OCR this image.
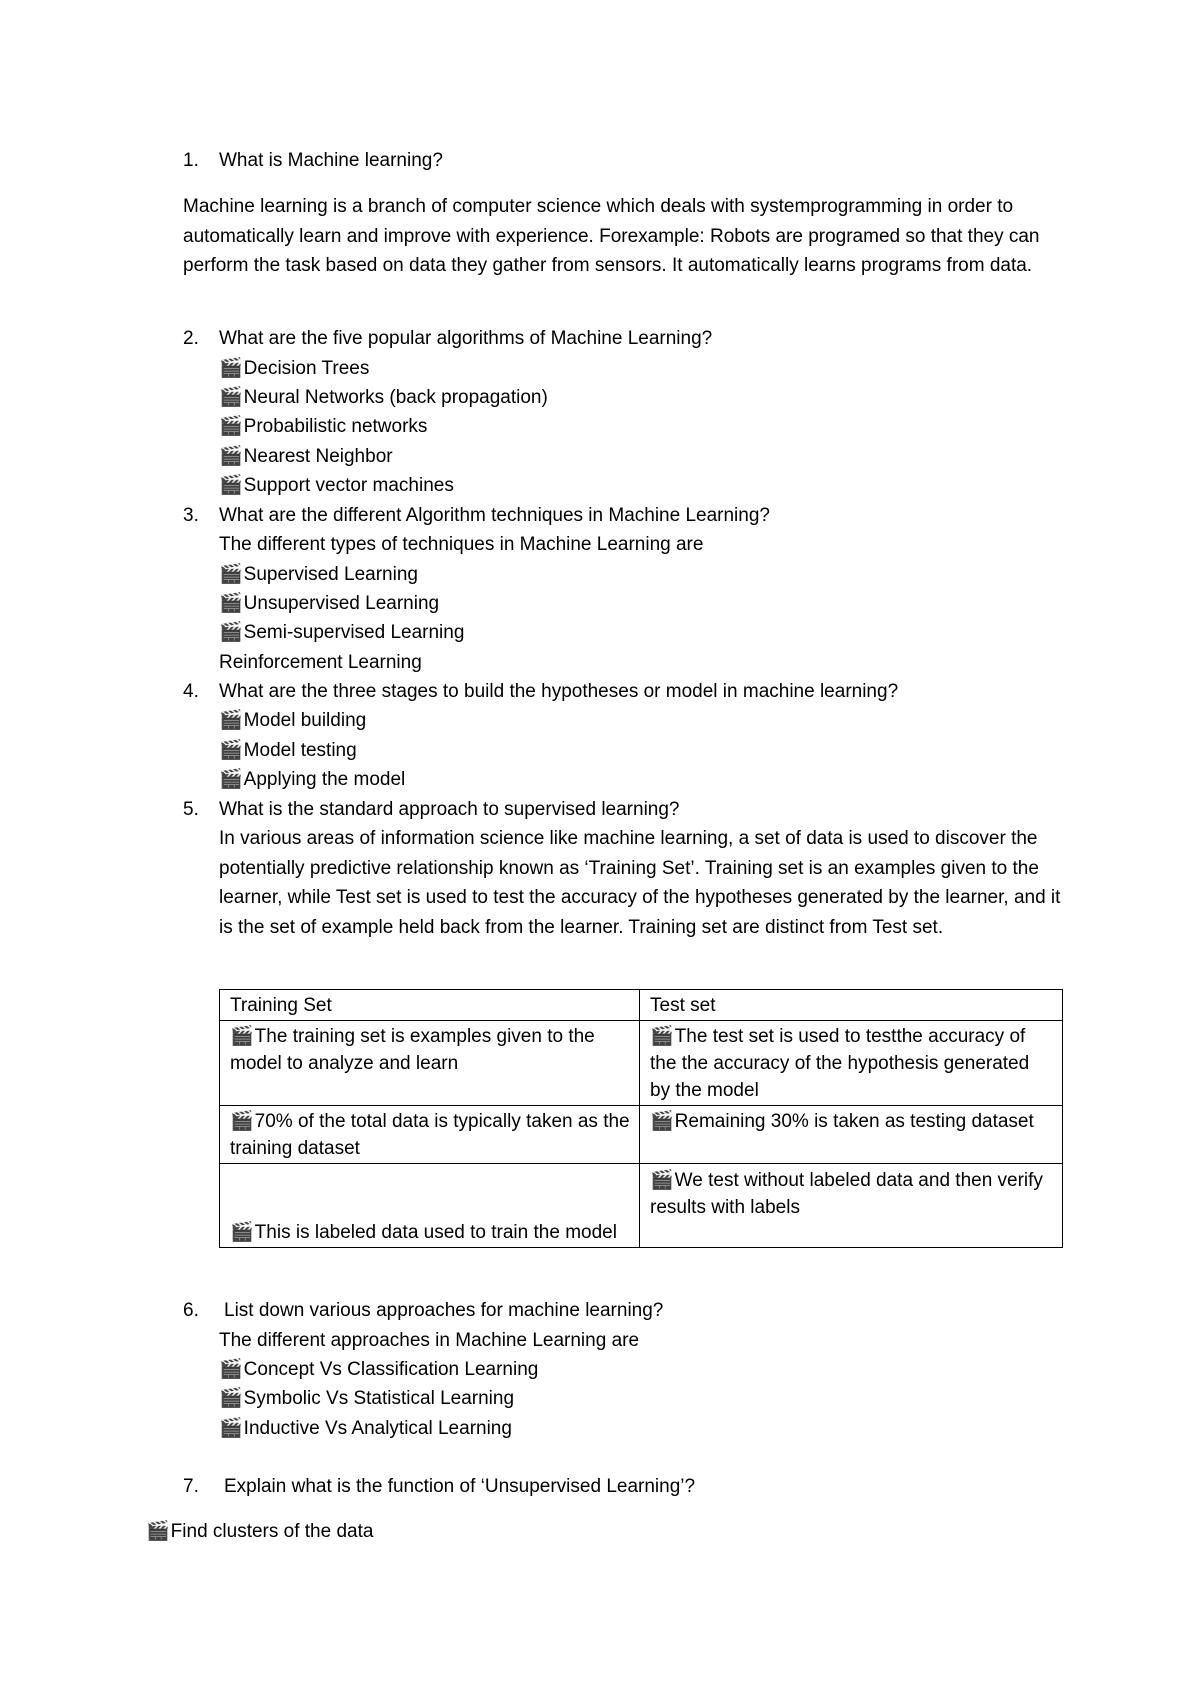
1.	What is Machine learning?
Machine learning is a branch of computer science which deals with systemprogramming in order to automatically learn and improve with experience. Forexample: Robots are programed so that they can perform the task based on data they gather from sensors. It automatically learns programs from data.
2.	What are the five popular algorithms of Machine Learning?
🎬Decision Trees
🎬Neural Networks (back propagation)
🎬Probabilistic networks
🎬Nearest Neighbor
🎬Support vector machines
3.	What are the different Algorithm techniques in Machine Learning?
The different types of techniques in Machine Learning are
🎬Supervised Learning
🎬Unsupervised Learning
🎬Semi-supervised Learning
Reinforcement Learning
4.	What are the three stages to build the hypotheses or model in machine learning?
🎬Model building
🎬Model testing
🎬Applying the model
5.	What is the standard approach to supervised learning?
In various areas of information science like machine learning, a set of data is used to discover the potentially predictive relationship known as ‘Training Set’. Training set is an examples given to the learner, while Test set is used to test the accuracy of the hypotheses generated by the learner, and it is the set of example held back from the learner. Training set are distinct from Test set.
Training Set	Test set
🎬The training set is examples given to the model to analyze and learn	🎬The test set is used to testthe accuracy of the the accuracy of the hypothesis generated by the model
🎬70% of the total data is typically taken as the training dataset	🎬Remaining 30% is taken as testing dataset
🎬This is labeled data used to train the model	🎬We test without labeled data and then verify results with labels
6.	List down various approaches for machine learning?
The different approaches in Machine Learning are
🎬Concept Vs Classification Learning
🎬Symbolic Vs Statistical Learning
🎬Inductive Vs Analytical Learning
7.	Explain what is the function of ‘Unsupervised Learning’?
🎬Find clusters of the data
